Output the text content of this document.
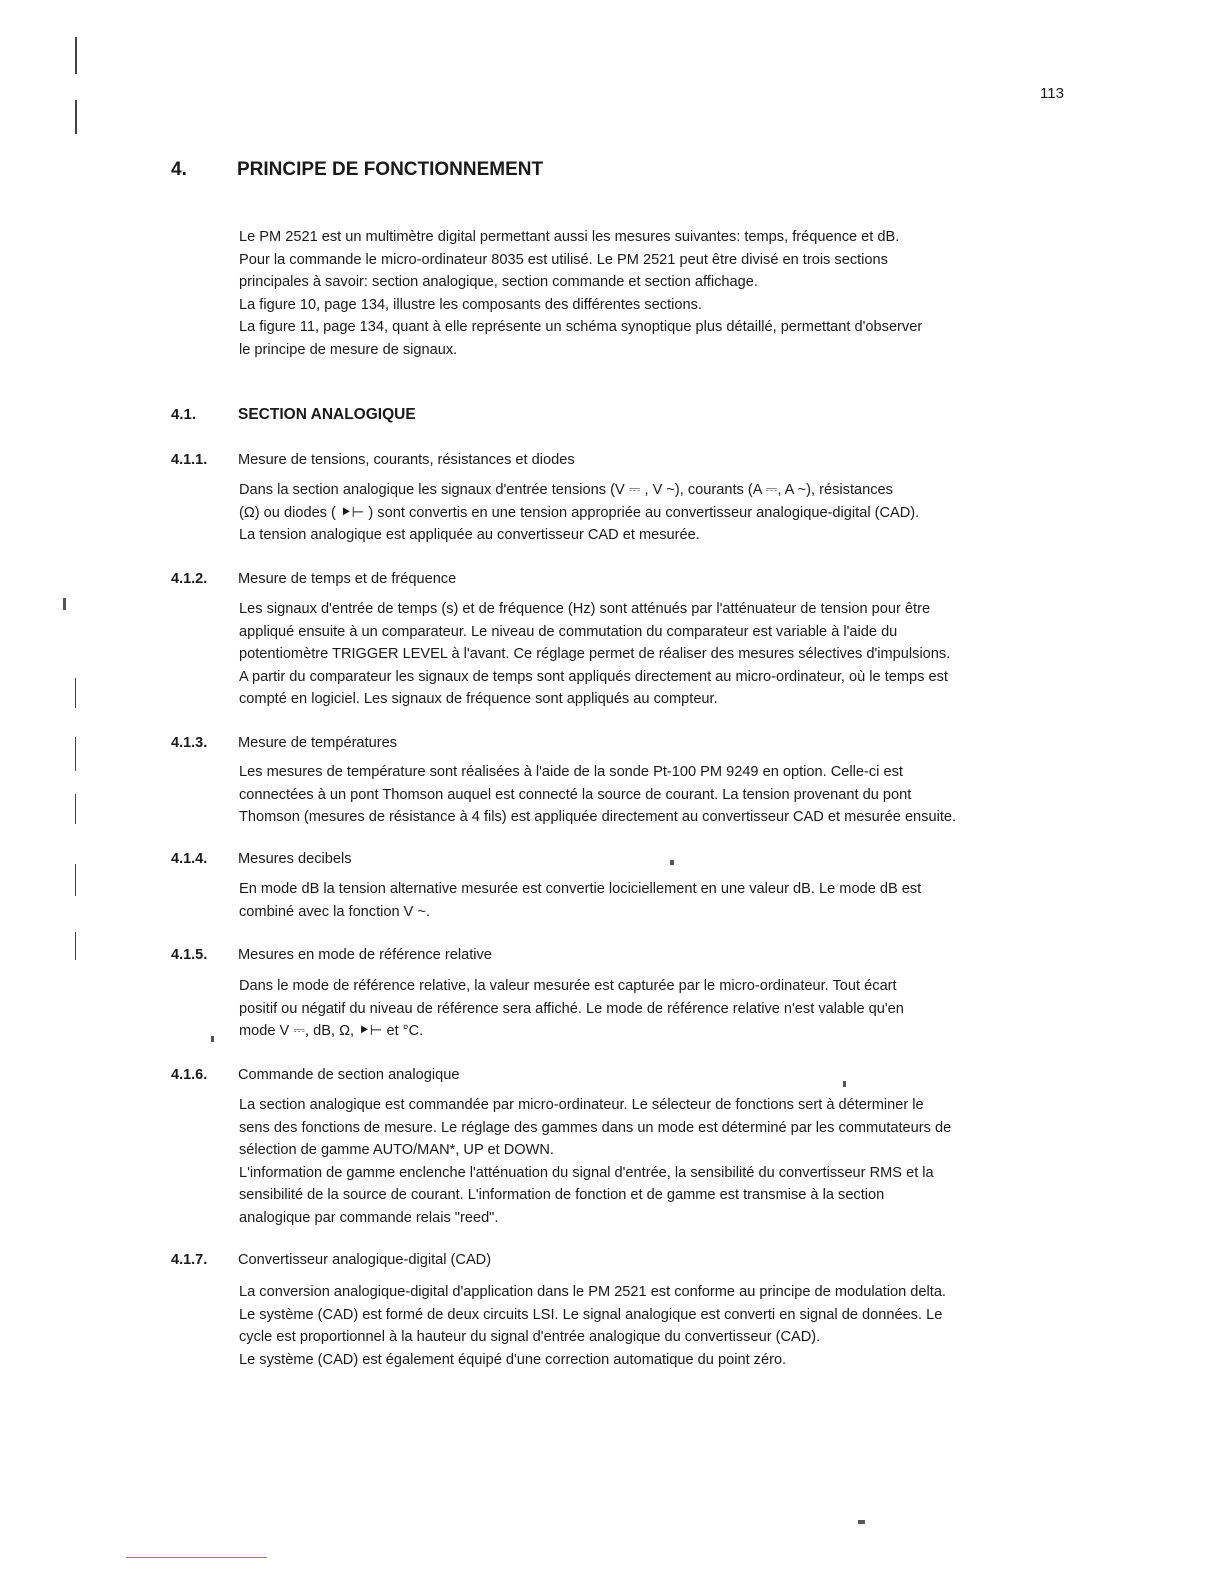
113
4.	PRINCIPE DE FONCTIONNEMENT
Le PM 2521 est un multimètre digital permettant aussi les mesures suivantes: temps, fréquence et dB.
Pour la commande le micro-ordinateur 8035 est utilisé. Le PM 2521 peut être divisé en trois sections
principales à savoir: section analogique, section commande et section affichage.
La figure 10, page 134, illustre les composants des différentes sections.
La figure 11, page 134, quant à elle représente un schéma synoptique plus détaillé, permettant d'observer
le principe de mesure de signaux.
4.1.	SECTION ANALOGIQUE
4.1.1. Mesure de tensions, courants, résistances et diodes
Dans la section analogique les signaux d'entrée tensions (V ⎓ , V ~), courants (A ⎓, A ~), résistances
(Ω) ou diodes ( ⯈⊢ ) sont convertis en une tension appropriée au convertisseur analogique-digital (CAD).
La tension analogique est appliquée au convertisseur CAD et mesurée.
4.1.2. Mesure de temps et de fréquence
Les signaux d'entrée de temps (s) et de fréquence (Hz) sont atténués par l'atténuateur de tension pour être
appliqué ensuite à un comparateur. Le niveau de commutation du comparateur est variable à l'aide du
potentiomètre TRIGGER LEVEL à l'avant. Ce réglage permet de réaliser des mesures sélectives d'impulsions.
A partir du comparateur les signaux de temps sont appliqués directement au micro-ordinateur, où le temps est
compté en logiciel. Les signaux de fréquence sont appliqués au compteur.
4.1.3. Mesure de températures
Les mesures de température sont réalisées à l'aide de la sonde Pt-100 PM 9249 en option. Celle-ci est
connectées à un pont Thomson auquel est connecté la source de courant. La tension provenant du pont
Thomson (mesures de résistance à 4 fils) est appliquée directement au convertisseur CAD et mesurée ensuite.
4.1.4. Mesures decibels
En mode dB la tension alternative mesurée est convertie lociciellement en une valeur dB. Le mode dB est
combiné avec la fonction V ~.
4.1.5. Mesures en mode de référence relative
Dans le mode de référence relative, la valeur mesurée est capturée par le micro-ordinateur. Tout écart
positif ou négatif du niveau de référence sera affiché. Le mode de référence relative n'est valable qu'en
mode V ⎓, dB, Ω, ⯈⊢ et °C.
4.1.6. Commande de section analogique
La section analogique est commandée par micro-ordinateur. Le sélecteur de fonctions sert à déterminer le
sens des fonctions de mesure. Le réglage des gammes dans un mode est déterminé par les commutateurs de
sélection de gamme AUTO/MAN*, UP et DOWN.
L'information de gamme enclenche l'atténuation du signal d'entrée, la sensibilité du convertisseur RMS et la
sensibilité de la source de courant. L'information de fonction et de gamme est transmise à la section
analogique par commande relais "reed".
4.1.7. Convertisseur analogique-digital (CAD)
La conversion analogique-digital d'application dans le PM 2521 est conforme au principe de modulation delta.
Le système (CAD) est formé de deux circuits LSI. Le signal analogique est converti en signal de données. Le
cycle est proportionnel à la hauteur du signal d'entrée analogique du convertisseur (CAD).
Le système (CAD) est également équipé d'une correction automatique du point zéro.
